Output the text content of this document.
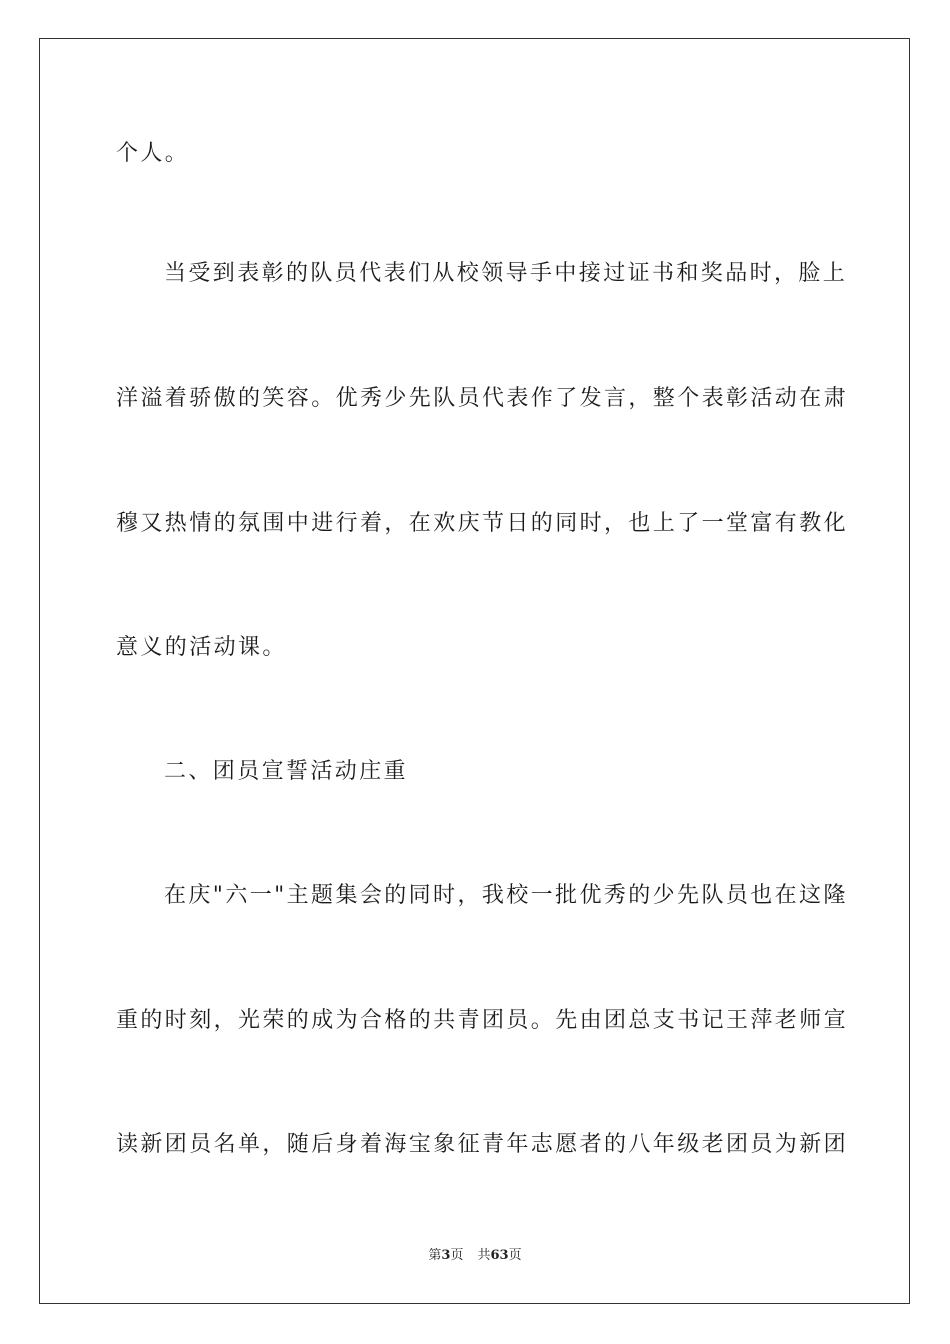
个人。
当受到表彰的队员代表们从校领导手中接过证书和奖品时，脸上
洋溢着骄傲的笑容。优秀少先队员代表作了发言，整个表彰活动在肃
穆又热情的氛围中进行着，在欢庆节日的同时，也上了一堂富有教化
意义的活动课。
二、团员宣誓活动庄重
在庆"六一"主题集会的同时，我校一批优秀的少先队员也在这隆
重的时刻，光荣的成为合格的共青团员。先由团总支书记王萍老师宣
读新团员名单，随后身着海宝象征青年志愿者的八年级老团员为新团
第3页 共63页
